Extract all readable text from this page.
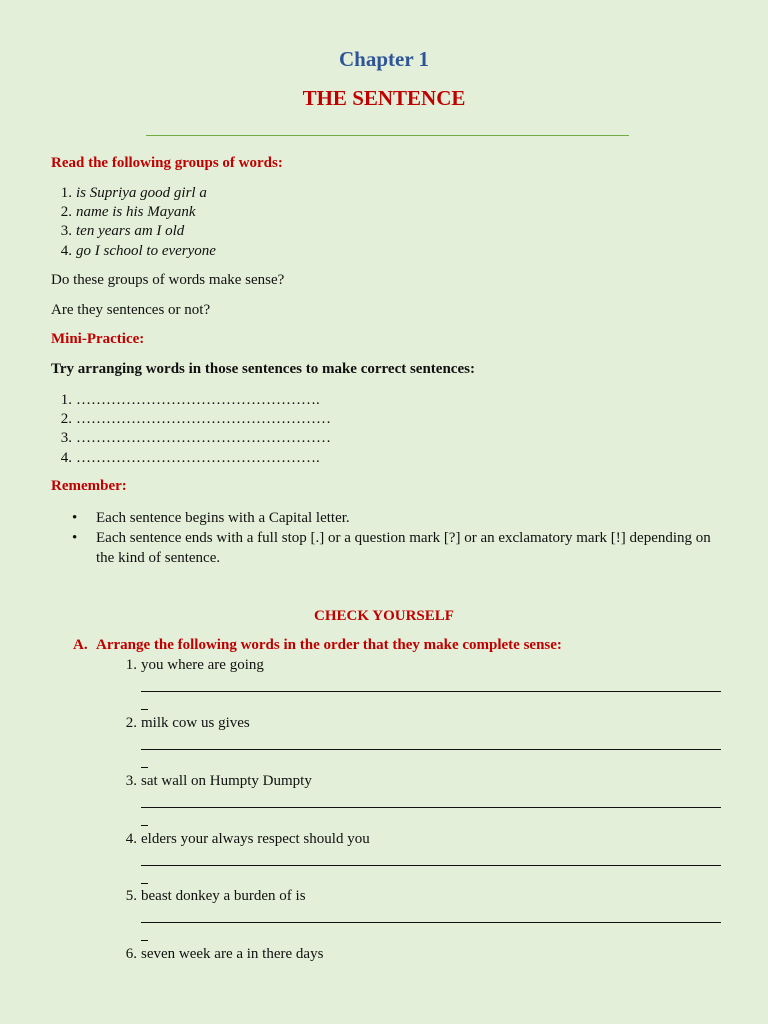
Chapter 1
THE SENTENCE
Read the following groups of words:
1. is Supriya good girl a
2. name is his Mayank
3. ten years am I old
4. go I school to everyone
Do these groups of words make sense?
Are they sentences or not?
Mini-Practice:
Try arranging words in those sentences to make correct sentences:
1. ………………………………………….
2. ……………………………………………
3. ……………………………………………
4. ………………………………………….
Remember:
• Each sentence begins with a Capital letter.
• Each sentence ends with a full stop [.] or a question mark [?] or an exclamatory mark [!] depending on the kind of sentence.
CHECK YOURSELF
A. Arrange the following words in the order that they make complete sense:
1. you where are going
2. milk cow us gives
3. sat wall on Humpty Dumpty
4. elders your always respect should you
5. beast donkey a burden of is
6. seven week are a in there days
